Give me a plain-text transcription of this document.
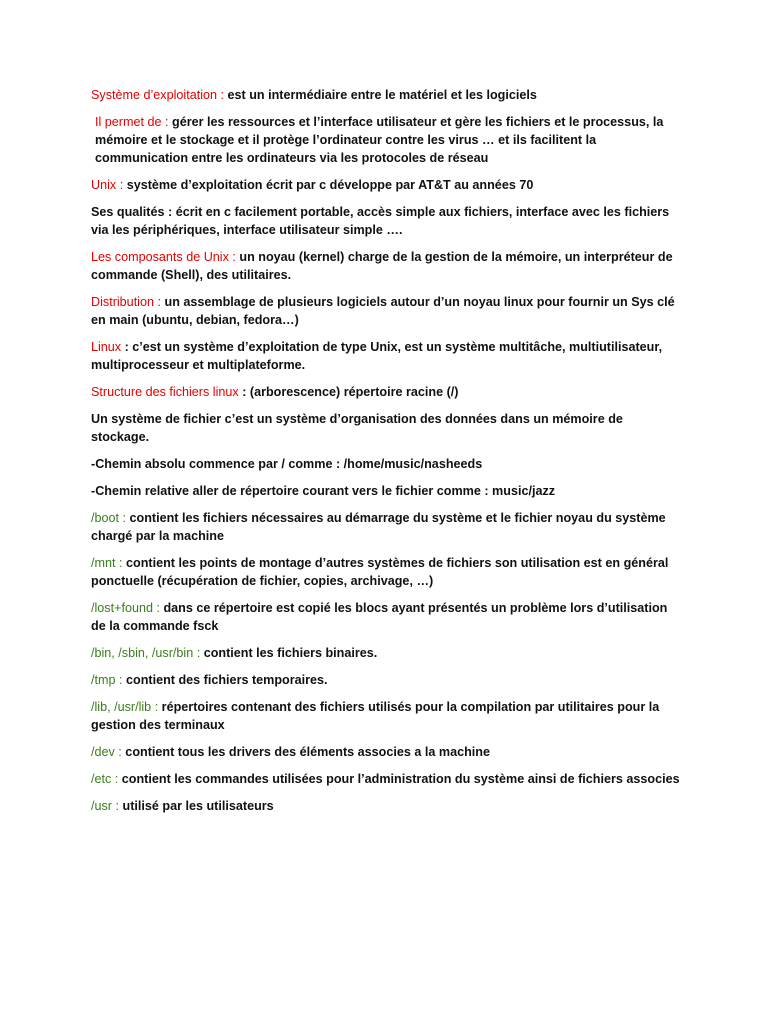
Système d’exploitation : est un intermédiaire entre le matériel et les logiciels

Il permet de : gérer les ressources et l’interface utilisateur et gère les fichiers et le processus, la mémoire et le stockage et il protège l’ordinateur contre les virus … et ils facilitent la communication entre les ordinateurs via les protocoles de réseau

Unix : système d’exploitation écrit par c développe par AT&T au années 70

Ses qualités : écrit en c facilement portable, accès simple aux fichiers, interface avec les fichiers via les périphériques, interface utilisateur simple ….

Les composants de Unix : un noyau (kernel) charge de la gestion de la mémoire, un interpréteur de commande (Shell), des utilitaires.

Distribution : un assemblage de plusieurs logiciels autour d’un noyau linux pour fournir un Sys clé en main (ubuntu, debian, fedora…)

Linux : c’est un système d’exploitation de type Unix, est un système multitâche, multiutilisateur, multiprocesseur et multiplateforme.

Structure des fichiers linux : (arborescence) répertoire racine (/)

Un système de fichier c’est un système d’organisation des données dans un mémoire de stockage.

-Chemin absolu commence par / comme : /home/music/nasheeds

-Chemin relative aller de répertoire courant vers le fichier comme : music/jazz

/boot : contient les fichiers nécessaires au démarrage du système et le fichier noyau du système chargé par la machine

/mnt : contient les points de montage d’autres systèmes de fichiers son utilisation est en général ponctuelle (récupération de fichier, copies, archivage, …)

/lost+found : dans ce répertoire est copié les blocs ayant présentés un problème lors d’utilisation de la commande fsck

/bin, /sbin, /usr/bin : contient les fichiers binaires.

/tmp : contient des fichiers temporaires.

/lib, /usr/lib : répertoires contenant des fichiers utilisés pour la compilation par utilitaires pour la gestion des terminaux

/dev : contient tous les drivers des éléments associes a la machine

/etc : contient les commandes utilisées pour l’administration du système ainsi de fichiers associes

/usr : utilisé par les utilisateurs
